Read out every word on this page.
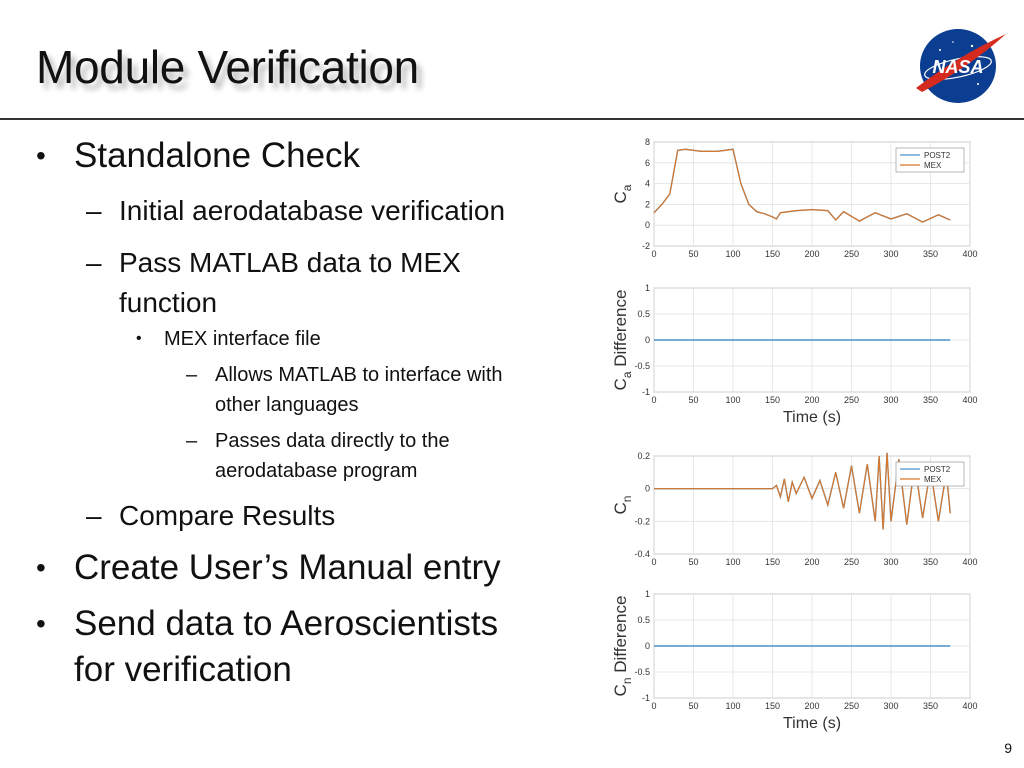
Module Verification	NASA
• Standalone Check
– Initial aerodatabase verification
– Pass MATLAB data to MEX
function
• MEX interface file
– Allows MATLAB to interface with
other languages
– Passes data directly to the
aerodatabase program
– Compare Results
• Create User’s Manual entry
• Send data to Aeroscientists
for verification
0	50	100	150	200	250	300	350	400
-2
0
2
4
6
8
$C_a$
POST2
MEX
0	50	100	150	200	250	300	350	400
-1
-0.5
0
0.5
1
$C_a$ Difference
Time (s)
0	50	100	150	200	250	300	350	400
-0.4
-0.2
0
0.2
$C_n$
POST2
MEX
0	50	100	150	200	250	300	350	400
-1
-0.5
0
0.5
1
$C_n$ Difference
Time (s)
9
